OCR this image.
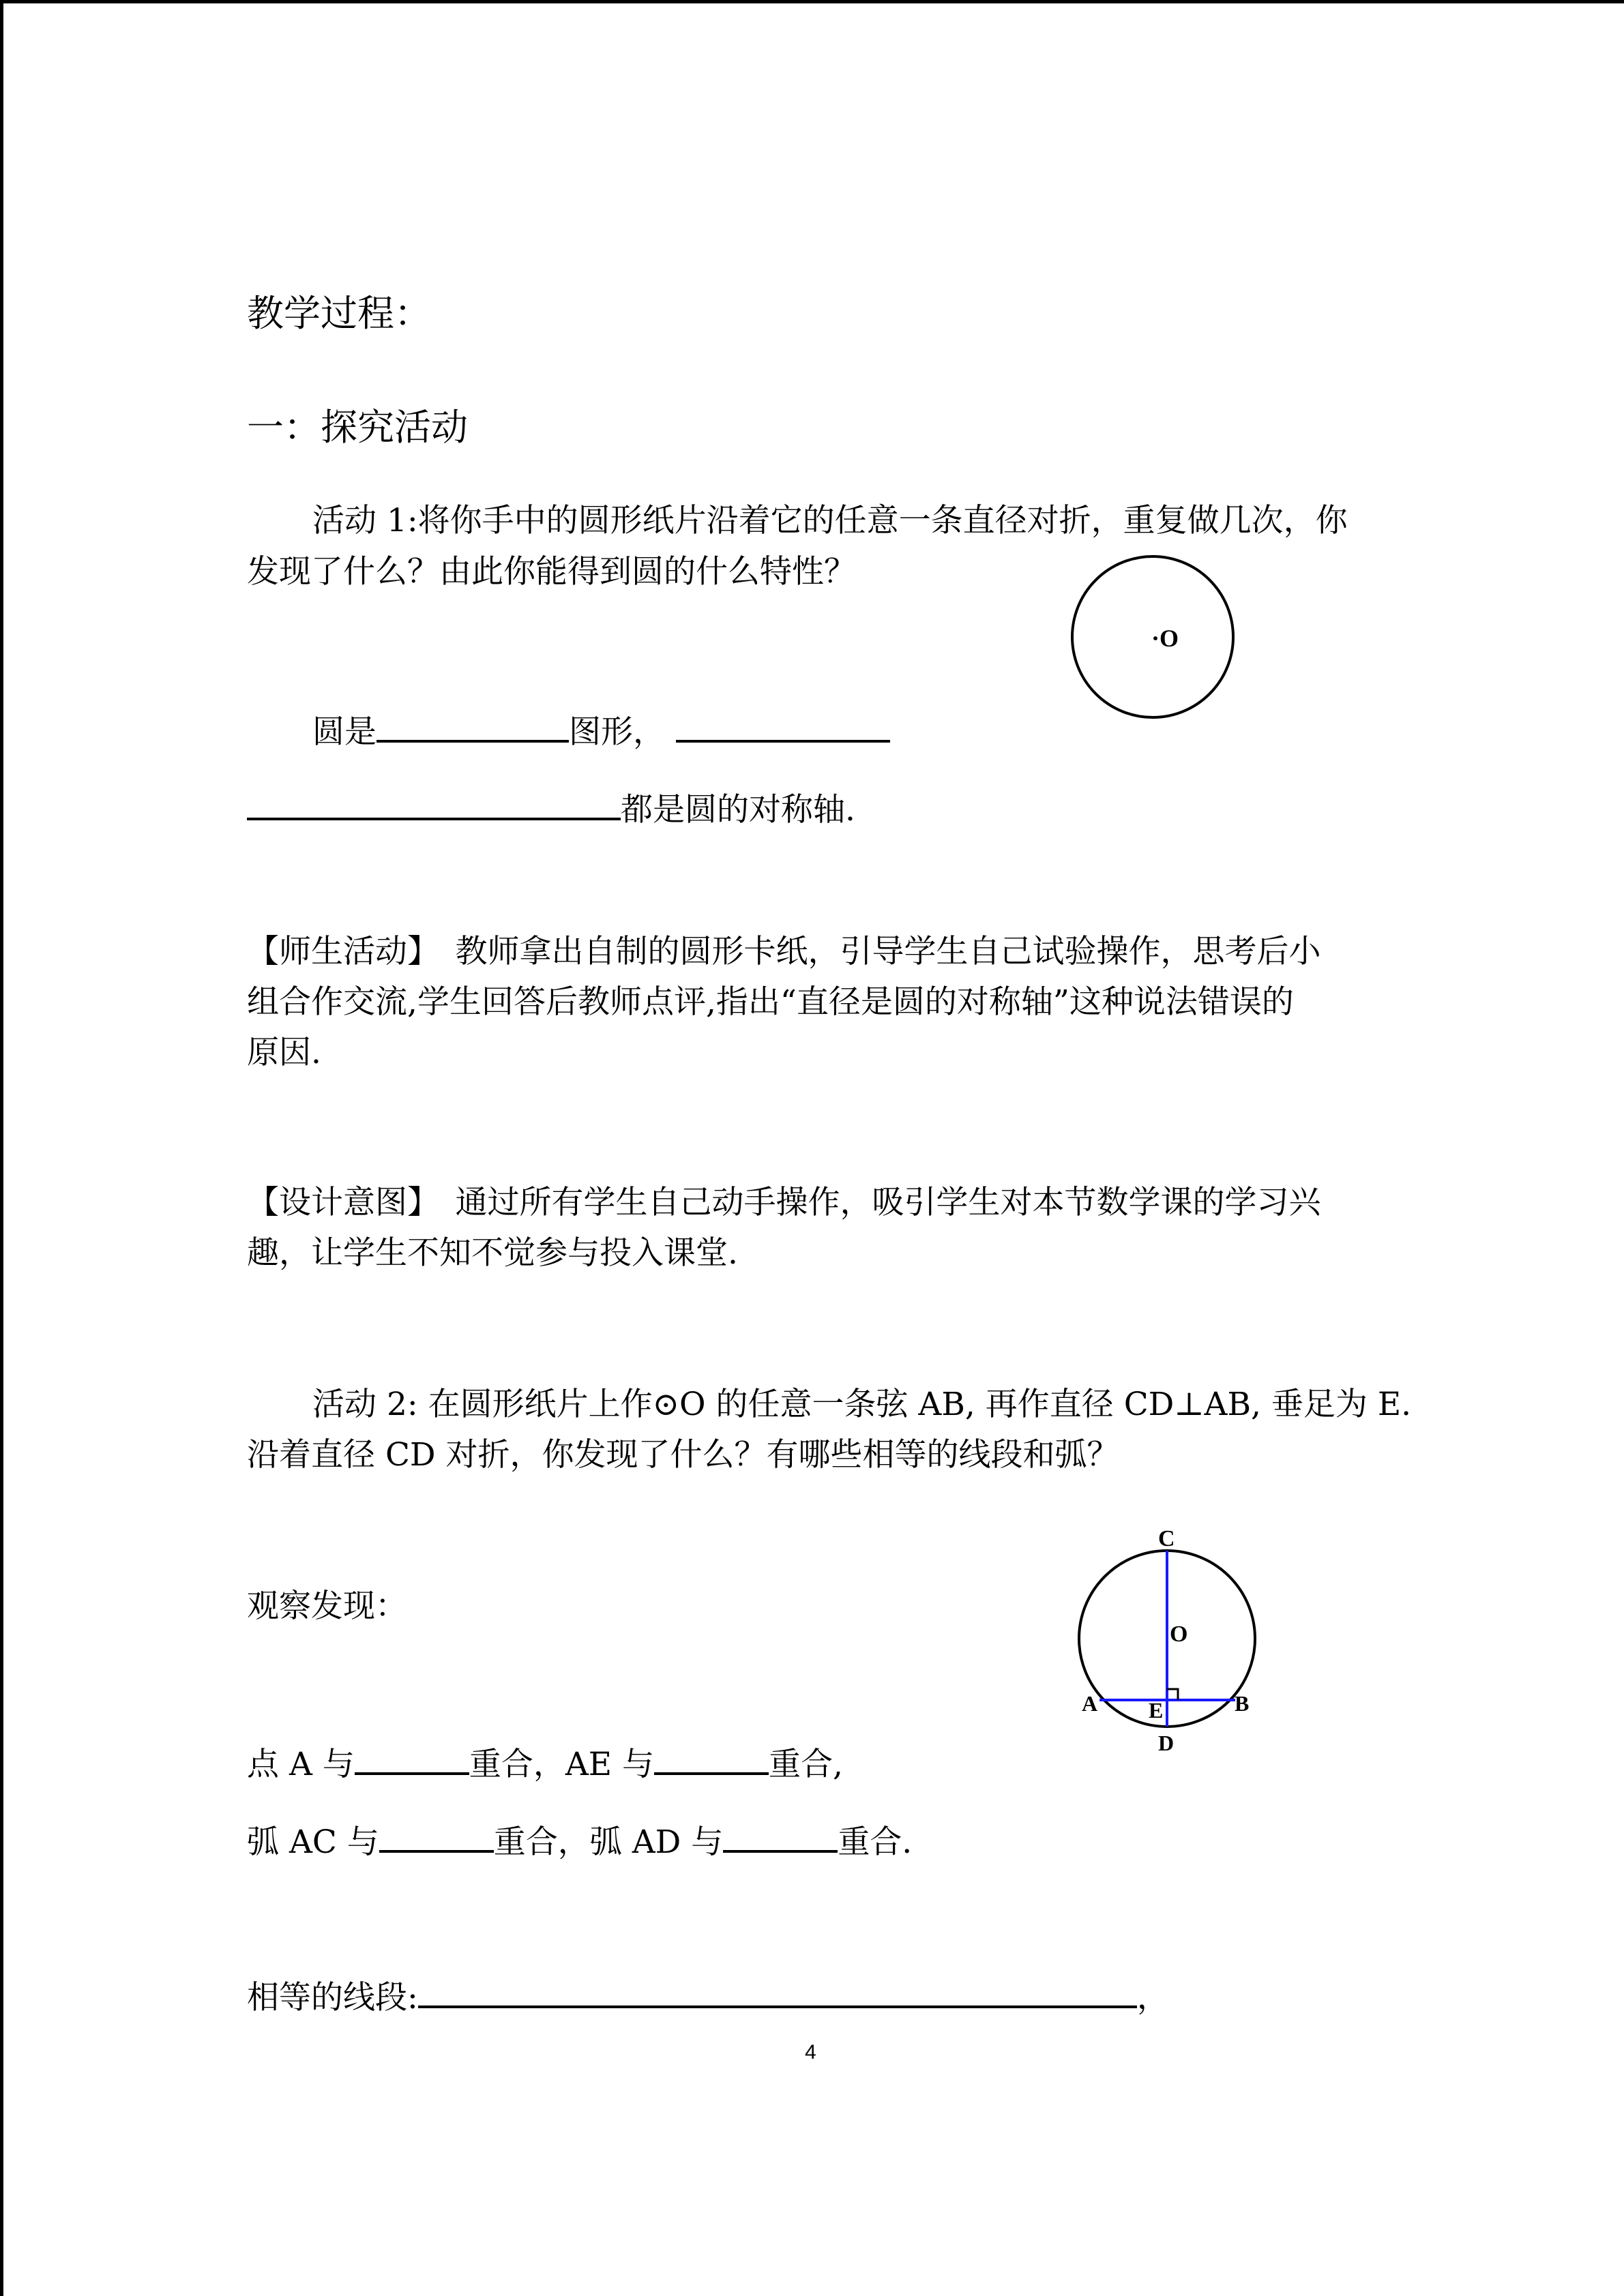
教学过程：
一：探究活动
活动 1:将你手中的圆形纸片沿着它的任意一条直径对折，重复做几次，你
发现了什么？由此你能得到圆的什么特性？
·O
圆是	图形，
都是圆的对称轴.
【师生活动】　教师拿出自制的圆形卡纸，引导学生自己试验操作，思考后小
组合作交流,学生回答后教师点评,指出“直径是圆的对称轴”这种说法错误的
原因.
【设计意图】　通过所有学生自己动手操作，吸引学生对本节数学课的学习兴
趣，让学生不知不觉参与投入课堂.
活动 2: 在圆形纸片上作⊙O 的任意一条弦 AB, 再作直径 CD⊥AB, 垂足为 E.
沿着直径 CD 对折，你发现了什么？有哪些相等的线段和弧？
观察发现：
C
O
A	B
E
D
点 A 与	重合，AE 与	重合,
弧 AC 与	重合，弧 AD 与	重合.
相等的线段:	，
4
